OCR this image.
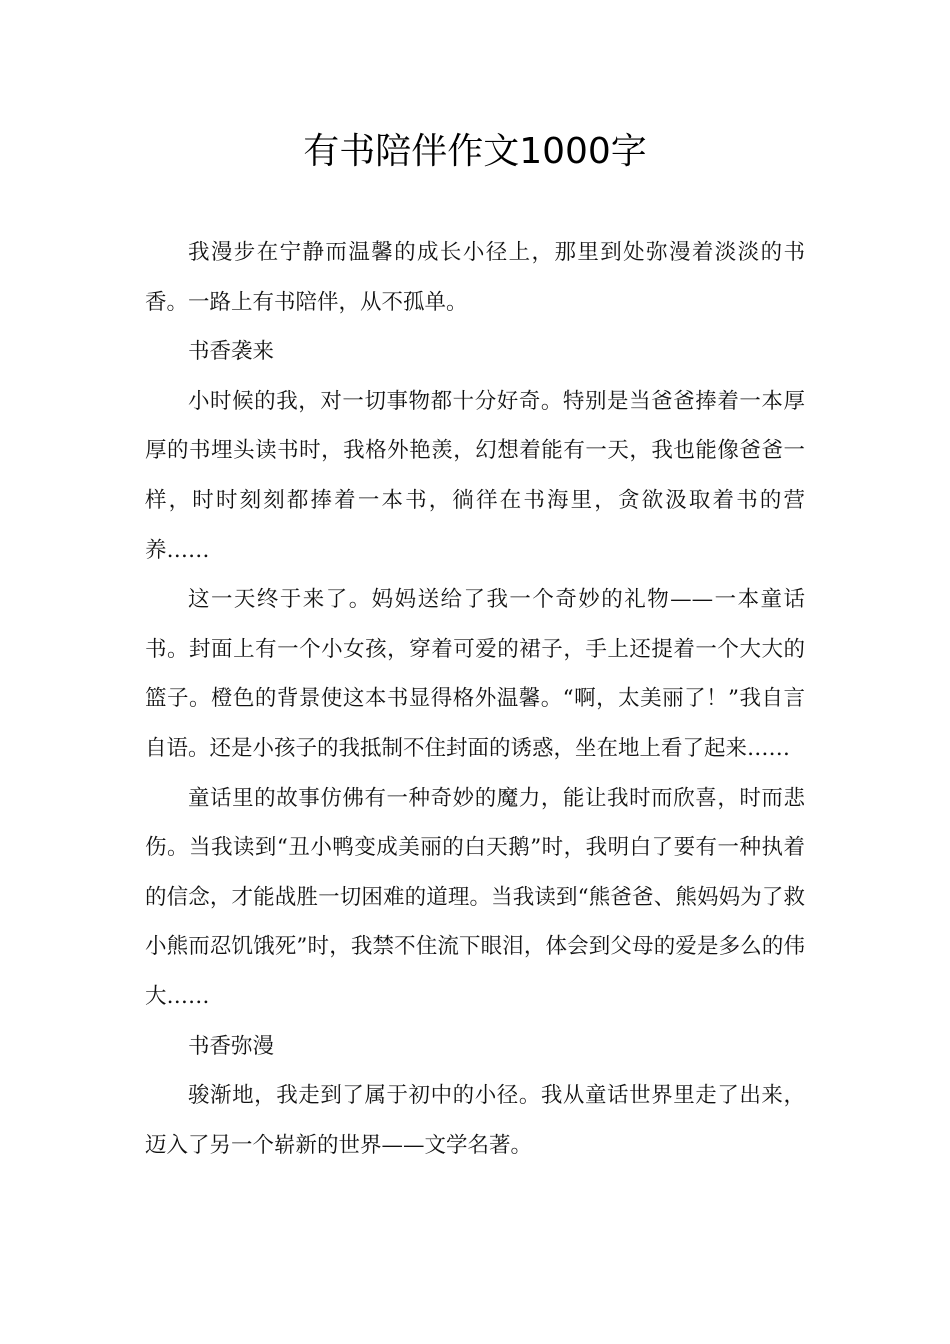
有书陪伴作文1000字

我漫步在宁静而温馨的成长小径上，那里到处弥漫着淡淡的书香。一路上有书陪伴，从不孤单。

书香袭来

小时候的我，对一切事物都十分好奇。特别是当爸爸捧着一本厚厚的书埋头读书时，我格外艳羡，幻想着能有一天，我也能像爸爸一样，时时刻刻都捧着一本书，徜徉在书海里，贪欲汲取着书的营养……

这一天终于来了。妈妈送给了我一个奇妙的礼物——一本童话书。封面上有一个小女孩，穿着可爱的裙子，手上还提着一个大大的篮子。橙色的背景使这本书显得格外温馨。“啊，太美丽了！”我自言自语。还是小孩子的我抵制不住封面的诱惑，坐在地上看了起来……

童话里的故事仿佛有一种奇妙的魔力，能让我时而欣喜，时而悲伤。当我读到“丑小鸭变成美丽的白天鹅”时，我明白了要有一种执着的信念，才能战胜一切困难的道理。当我读到“熊爸爸、熊妈妈为了救小熊而忍饥饿死”时，我禁不住流下眼泪，体会到父母的爱是多么的伟大……

书香弥漫

骏渐地，我走到了属于初中的小径。我从童话世界里走了出来，迈入了另一个崭新的世界——文学名著。
